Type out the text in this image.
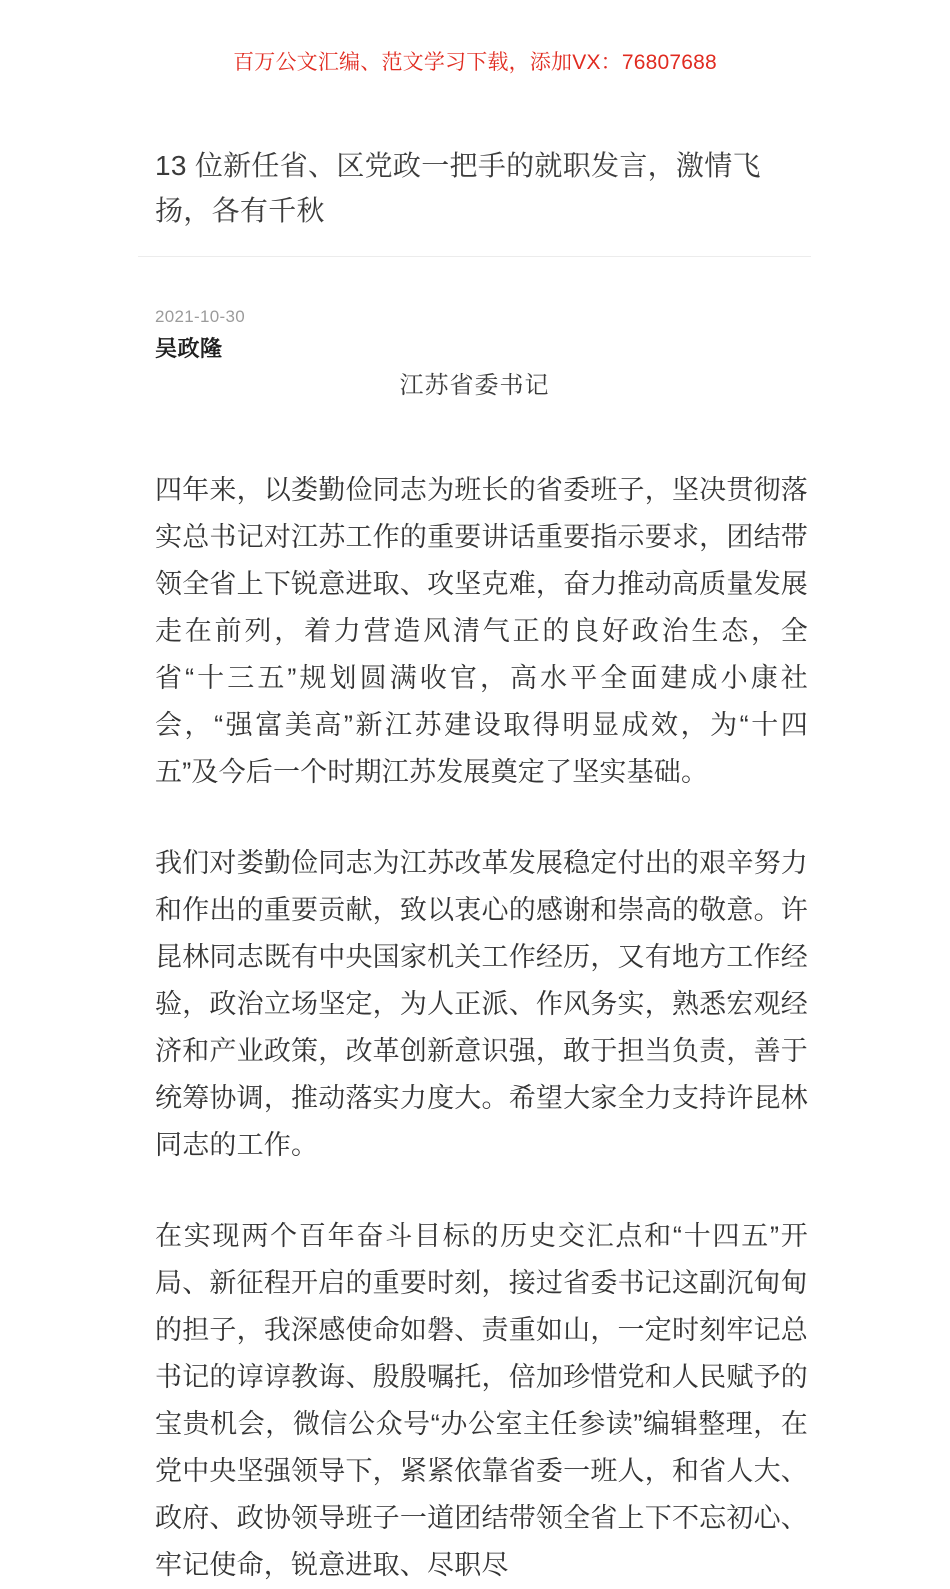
百万公文汇编、范文学习下载，添加VX：76807688
13 位新任省、区党政一把手的就职发言，激情飞扬，各有千秋
2021-10-30
吴政隆
江苏省委书记

四年来，以娄勤俭同志为班长的省委班子，坚决贯彻落实总书记对江苏工作的重要讲话重要指示要求，团结带领全省上下锐意进取、攻坚克难，奋力推动高质量发展走在前列，着力营造风清气正的良好政治生态，全省“十三五”规划圆满收官，高水平全面建成小康社会，“强富美高”新江苏建设取得明显成效，为“十四五”及今后一个时期江苏发展奠定了坚实基础。

我们对娄勤俭同志为江苏改革发展稳定付出的艰辛努力和作出的重要贡献，致以衷心的感谢和崇高的敬意。许昆林同志既有中央国家机关工作经历，又有地方工作经验，政治立场坚定，为人正派、作风务实，熟悉宏观经济和产业政策，改革创新意识强，敢于担当负责，善于统筹协调，推动落实力度大。希望大家全力支持许昆林同志的工作。

在实现两个百年奋斗目标的历史交汇点和“十四五”开局、新征程开启的重要时刻，接过省委书记这副沉甸甸的担子，我深感使命如磐、责重如山，一定时刻牢记总书记的谆谆教诲、殷殷嘱托，倍加珍惜党和人民赋予的宝贵机会，微信公众号“办公室主任参读”编辑整理，在党中央坚强领导下，紧紧依靠省委一班人，和省人大、政府、政协领导班子一道团结带领全省上下不忘初心、牢记使命，锐意进取、尽职尽
